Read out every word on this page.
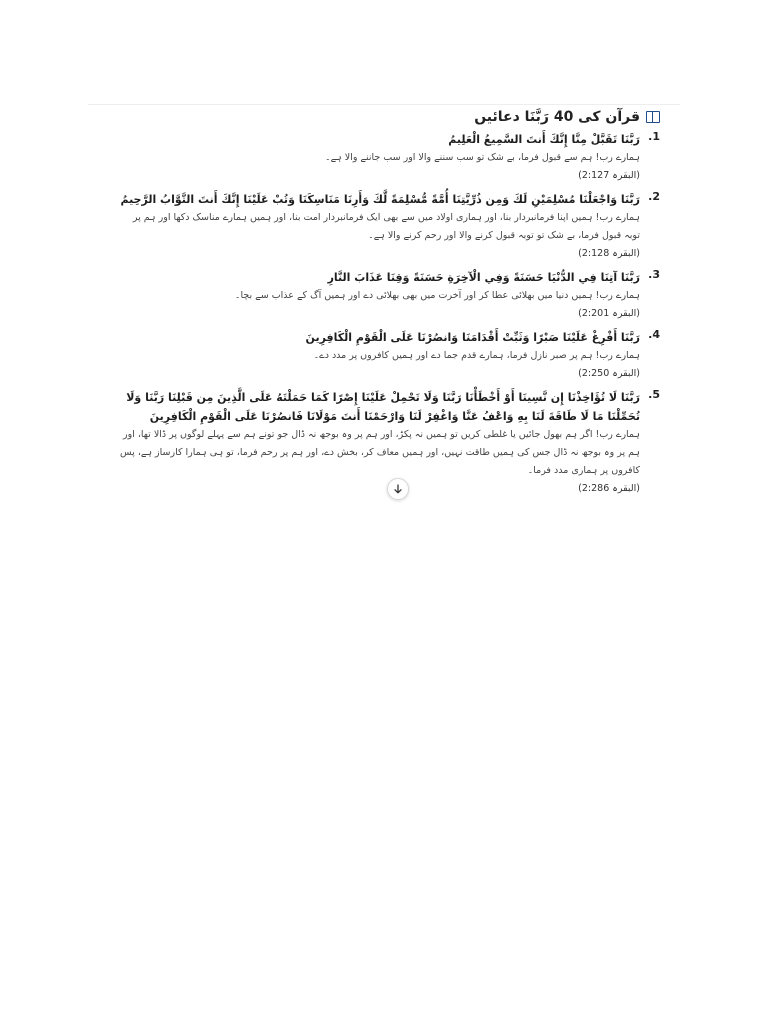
قرآن کی 40 رَبَّنَا دعائیں
1.
رَبَّنَا تَقَبَّلْ مِنَّا إِنَّكَ أَنتَ السَّمِيعُ الْعَلِيمُ
ہمارے رب! ہم سے قبول فرما، بے شک تو سب سننے والا اور سب جاننے والا ہے۔
(البقرہ 2:127)
2.
رَبَّنَا وَاجْعَلْنَا مُسْلِمَيْنِ لَكَ وَمِن ذُرِّيَّتِنَا أُمَّةً مُّسْلِمَةً لَّكَ وَأَرِنَا مَنَاسِكَنَا وَتُبْ عَلَيْنَا إِنَّكَ أَنتَ التَّوَّابُ الرَّحِيمُ
ہمارے رب! ہمیں اپنا فرمانبردار بنا، اور ہماری اولاد میں سے بھی ایک فرمانبردار امت بنا، اور ہمیں ہمارے مناسک دکھا اور ہم پر توبہ قبول فرما، بے شک تو توبہ قبول کرنے والا اور رحم کرنے والا ہے۔
(البقرہ 2:128)
3.
رَبَّنَا آتِنَا فِي الدُّنْيَا حَسَنَةً وَفِي الْآخِرَةِ حَسَنَةً وَقِنَا عَذَابَ النَّارِ
ہمارے رب! ہمیں دنیا میں بھلائی عطا کر اور آخرت میں بھی بھلائی دے اور ہمیں آگ کے عذاب سے بچا۔
(البقرہ 2:201)
4.
رَبَّنَا أَفْرِغْ عَلَيْنَا صَبْرًا وَثَبِّتْ أَقْدَامَنَا وَانصُرْنَا عَلَى الْقَوْمِ الْكَافِرِينَ
ہمارے رب! ہم پر صبر نازل فرما، ہمارے قدم جما دے اور ہمیں کافروں پر مدد دے۔
(البقرہ 2:250)
5.
رَبَّنَا لَا تُؤَاخِذْنَا إِن نَّسِينَا أَوْ أَخْطَأْنَا رَبَّنَا وَلَا تَحْمِلْ عَلَيْنَا إِصْرًا كَمَا حَمَلْتَهُ عَلَى الَّذِينَ مِن قَبْلِنَا رَبَّنَا وَلَا تُحَمِّلْنَا مَا لَا طَاقَةَ لَنَا بِهِ وَاعْفُ عَنَّا وَاغْفِرْ لَنَا وَارْحَمْنَا أَنتَ مَوْلَانَا فَانصُرْنَا عَلَى الْقَوْمِ الْكَافِرِينَ
ہمارے رب! اگر ہم بھول جائیں یا غلطی کریں تو ہمیں نہ پکڑ، اور ہم پر وہ بوجھ نہ ڈال جو تونے ہم سے پہلے لوگوں پر ڈالا تھا، اور ہم پر وہ بوجھ نہ ڈال جس کی ہمیں طاقت نہیں، اور ہمیں معاف کر، بخش دے، اور ہم پر رحم فرما، تو ہی ہمارا کارساز ہے، پس کافروں پر ہماری مدد فرما۔
(البقرہ 2:286)
